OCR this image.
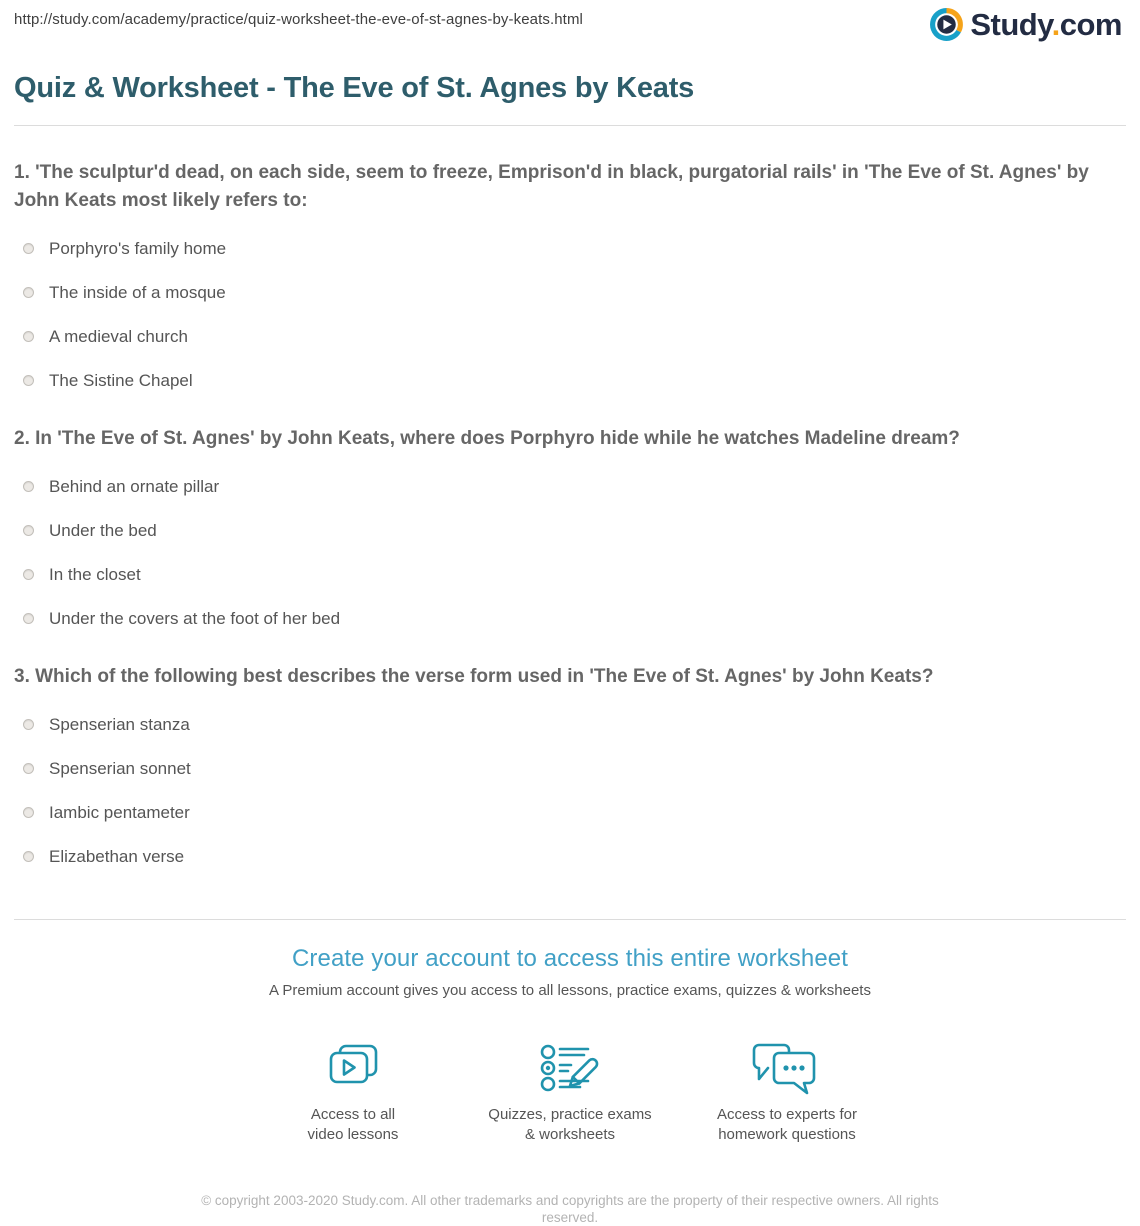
http://study.com/academy/practice/quiz-worksheet-the-eve-of-st-agnes-by-keats.html	Study.com
Quiz & Worksheet - The Eve of St. Agnes by Keats
1. 'The sculptur'd dead, on each side, seem to freeze, Emprison'd in black, purgatorial rails' in 'The Eve of St. Agnes' by John Keats most likely refers to:
Porphyro's family home
The inside of a mosque
A medieval church
The Sistine Chapel
2. In 'The Eve of St. Agnes' by John Keats, where does Porphyro hide while he watches Madeline dream?
Behind an ornate pillar
Under the bed
In the closet
Under the covers at the foot of her bed
3. Which of the following best describes the verse form used in 'The Eve of St. Agnes' by John Keats?
Spenserian stanza
Spenserian sonnet
Iambic pentameter
Elizabethan verse
Create your account to access this entire worksheet
A Premium account gives you access to all lessons, practice exams, quizzes & worksheets
Access to all
video lessons
Quizzes, practice exams
& worksheets
Access to experts for
homework questions
© copyright 2003-2020 Study.com. All other trademarks and copyrights are the property of their respective owners. All rights reserved.
